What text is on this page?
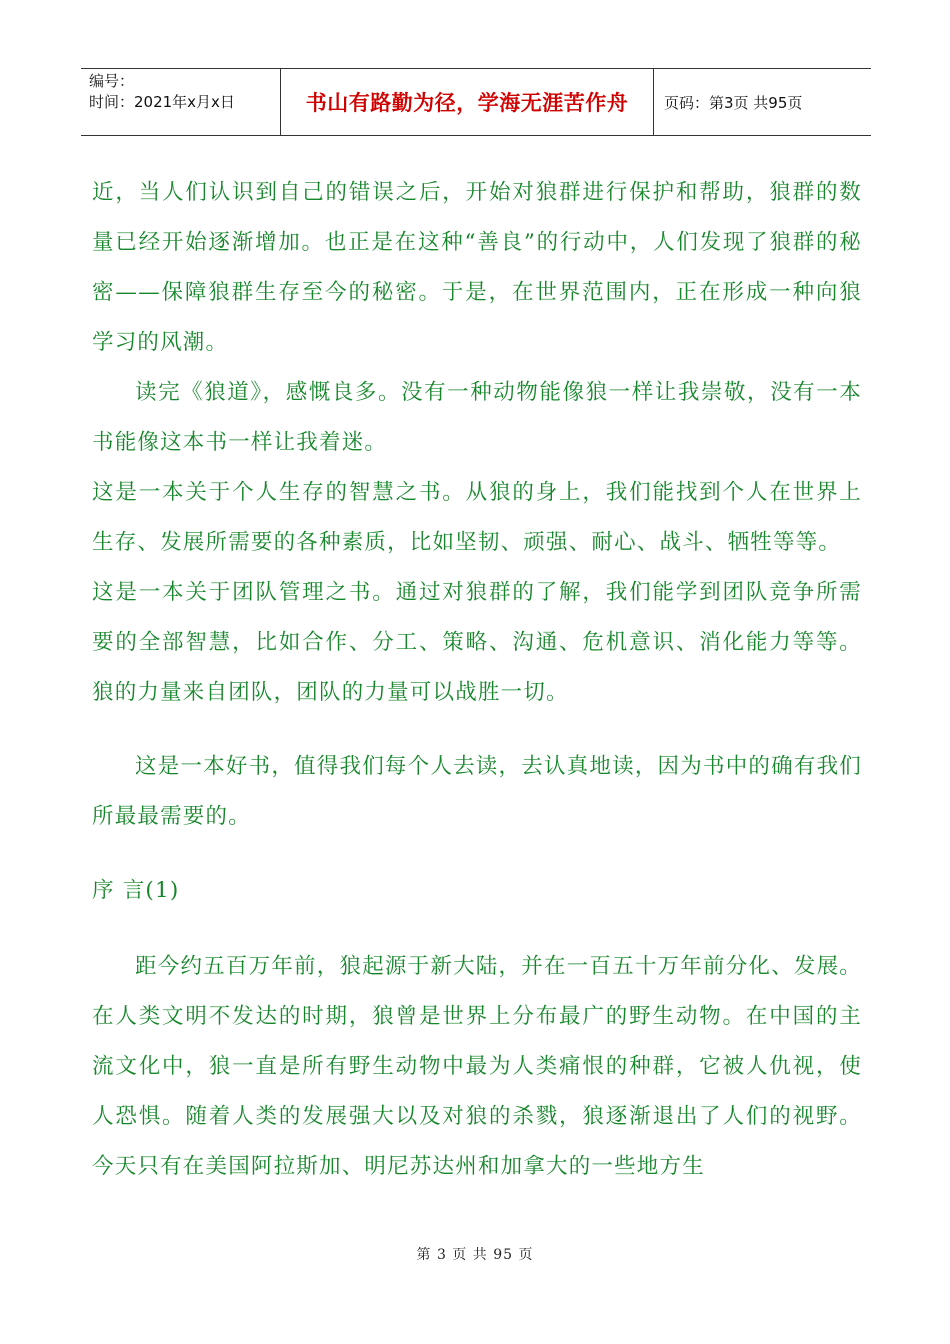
编号：
时间：2021年x月x日	书山有路勤为径，学海无涯苦作舟 页码：第3页 共95页

近，当人们认识到自己的错误之后，开始对狼群进行保护和帮助，狼群的数量已经开始逐渐增加。也正是在这种“善良”的行动中，人们发现了狼群的秘密——保障狼群生存至今的秘密。于是，在世界范围内，正在形成一种向狼学习的风潮。

读完《狼道》，感慨良多。没有一种动物能像狼一样让我崇敬，没有一本书能像这本书一样让我着迷。

这是一本关于个人生存的智慧之书。从狼的身上，我们能找到个人在世界上生存、发展所需要的各种素质，比如坚韧、顽强、耐心、战斗、牺牲等等。

这是一本关于团队管理之书。通过对狼群的了解，我们能学到团队竞争所需要的全部智慧，比如合作、分工、策略、沟通、危机意识、消化能力等等。狼的力量来自团队，团队的力量可以战胜一切。

这是一本好书，值得我们每个人去读，去认真地读，因为书中的确有我们所最最需要的。

序 言(1)

距今约五百万年前，狼起源于新大陆，并在一百五十万年前分化、发展。在人类文明不发达的时期，狼曾是世界上分布最广的野生动物。在中国的主流文化中，狼一直是所有野生动物中最为人类痛恨的种群，它被人仇视，使人恐惧。随着人类的发展强大以及对狼的杀戮，狼逐渐退出了人们的视野。今天只有在美国阿拉斯加、明尼苏达州和加拿大的一些地方生

第 3 页 共 95 页
